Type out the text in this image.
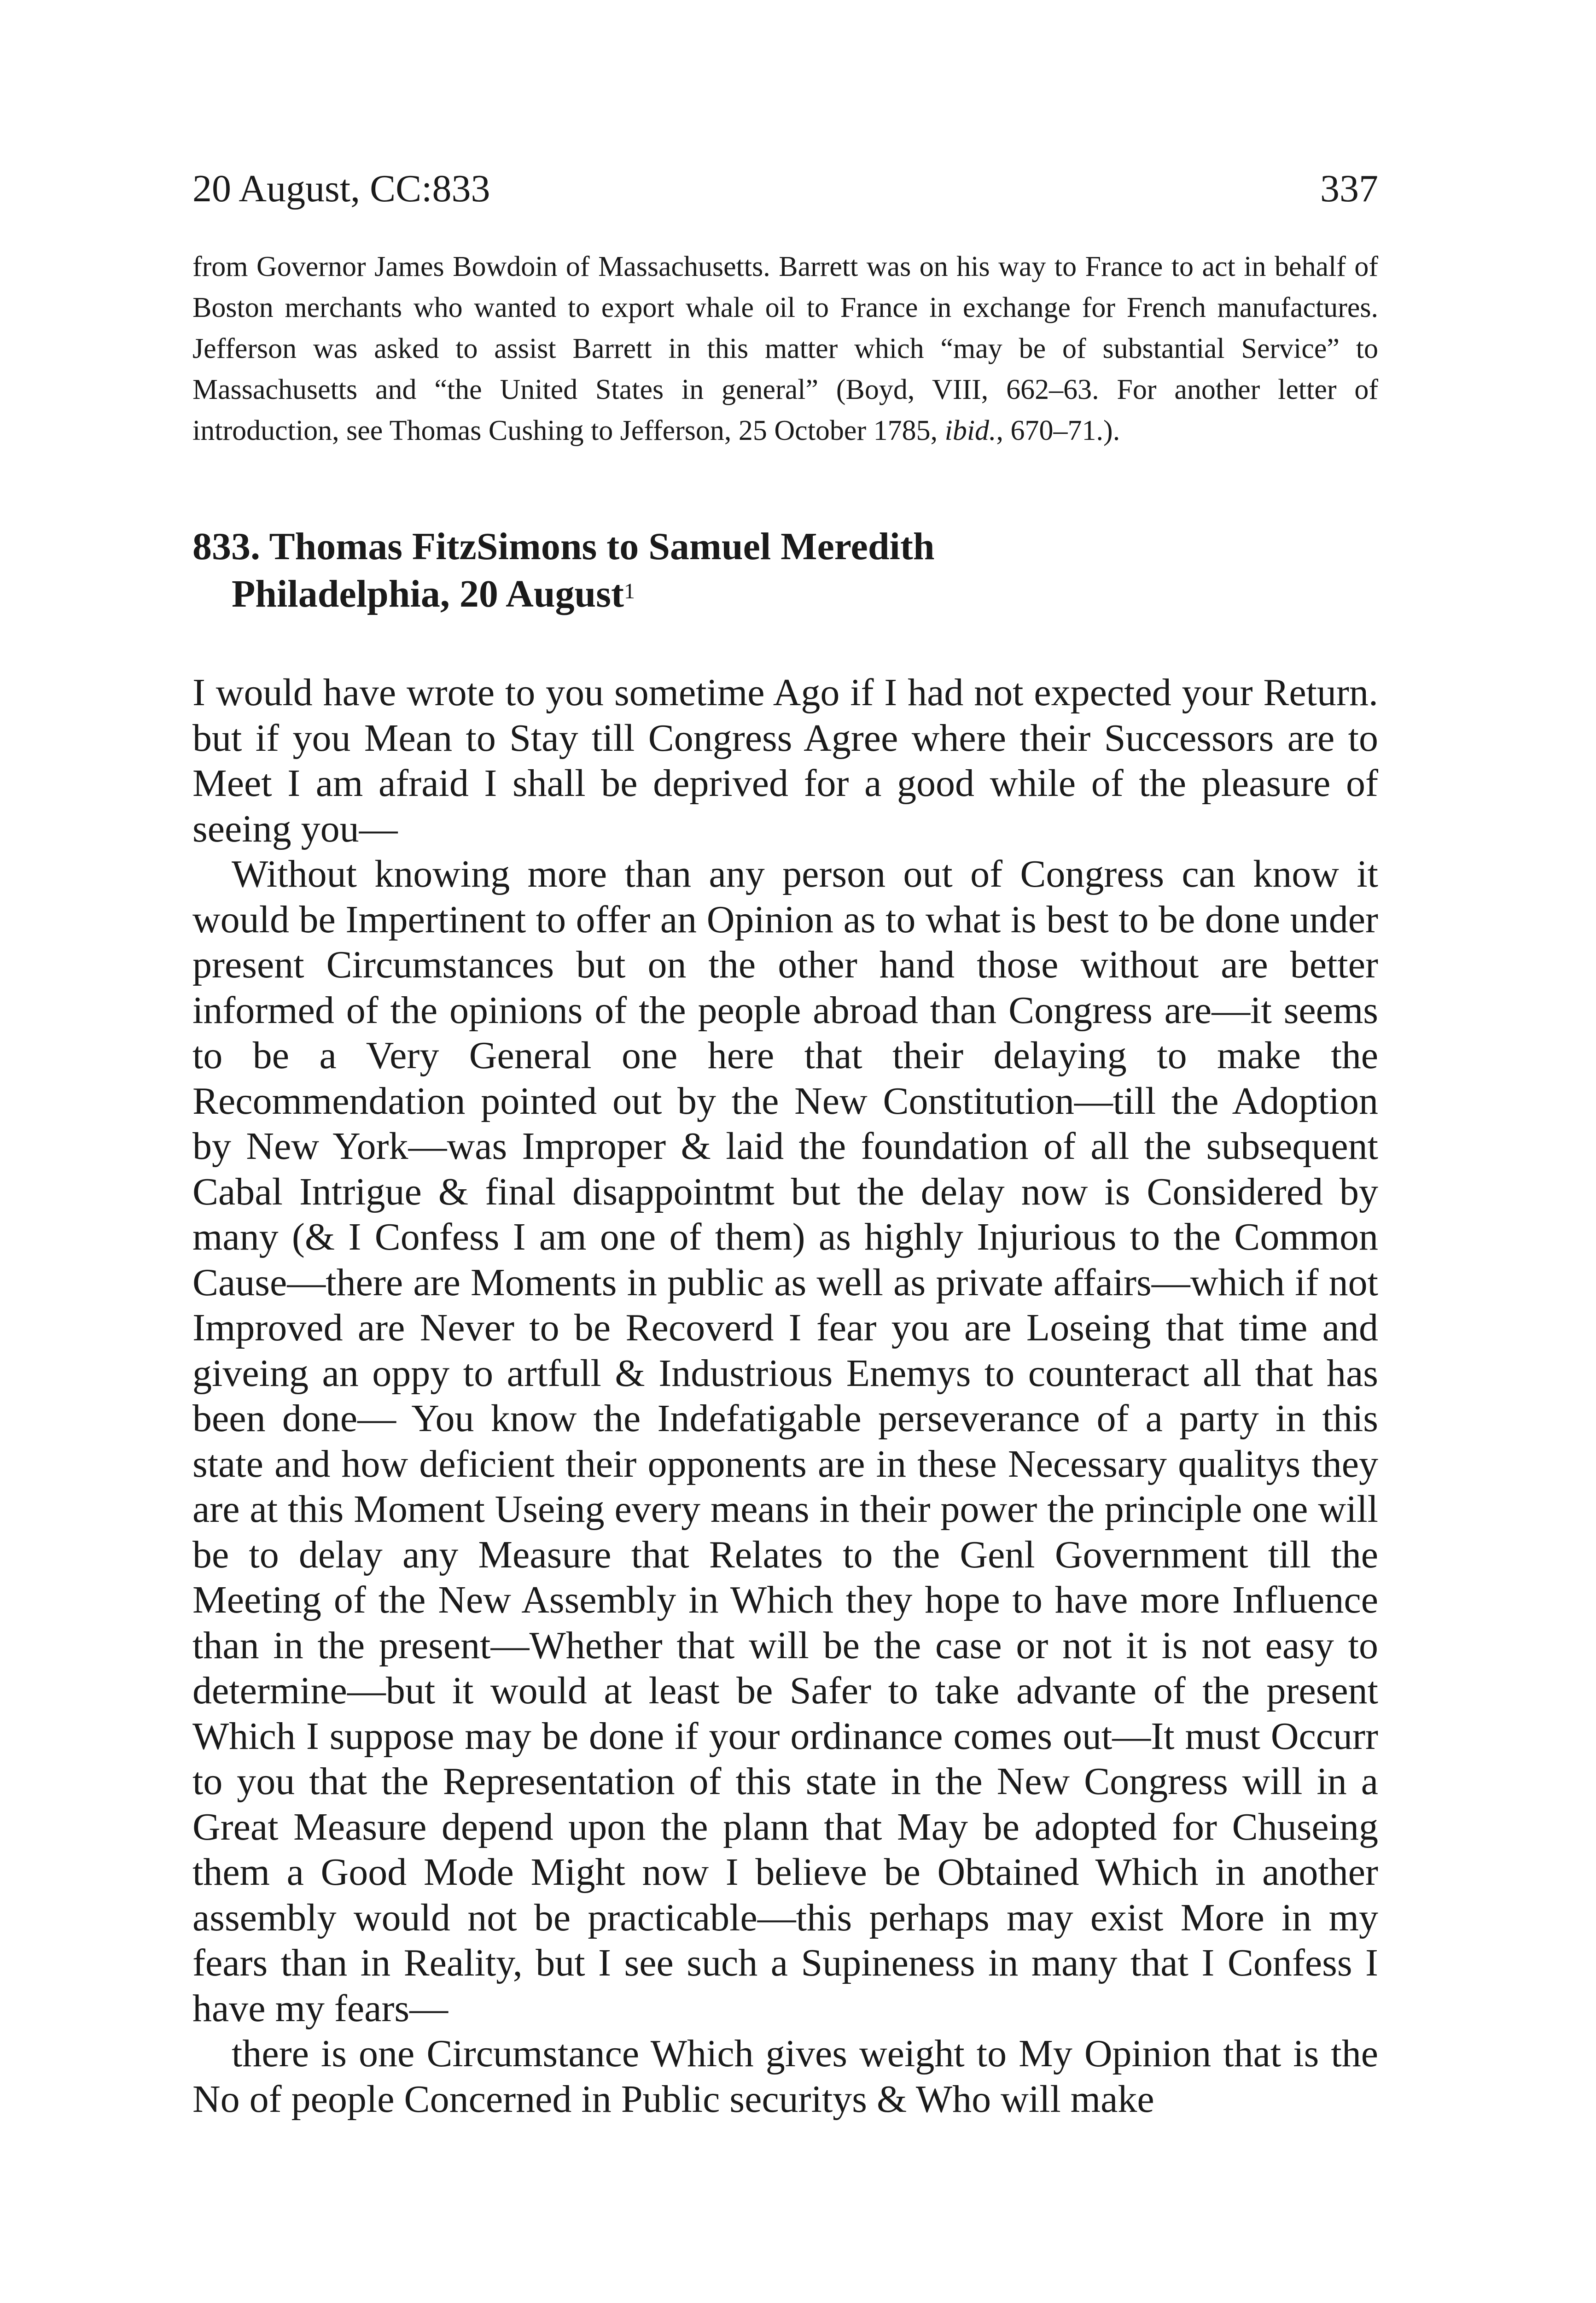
20 August, CC:833	337

from Governor James Bowdoin of Massachusetts. Barrett was on his way to France to act in behalf of Boston merchants who wanted to export whale oil to France in exchange for French manufactures. Jefferson was asked to assist Barrett in this matter which “may be of substantial Service” to Massachusetts and “the United States in general” (Boyd, VIII, 662–63. For another letter of introduction, see Thomas Cushing to Jefferson, 25 October 1785, ibid., 670–71.).

833. Thomas FitzSimons to Samuel Meredith
Philadelphia, 20 August$^1$

I would have wrote to you sometime Ago if I had not expected your Return. but if you Mean to Stay till Congress Agree where their Successors are to Meet I am afraid I shall be deprived for a good while of the pleasure of seeing you—

Without knowing more than any person out of Congress can know it would be Impertinent to offer an Opinion as to what is best to be done under present Circumstances but on the other hand those without are better informed of the opinions of the people abroad than Congress are—it seems to be a Very General one here that their delaying to make the Recommendation pointed out by the New Constitution—till the Adoption by New York—was Improper & laid the foundation of all the subsequent Cabal Intrigue & final disappointmt but the delay now is Considered by many (& I Confess I am one of them) as highly Injurious to the Common Cause—there are Moments in public as well as private affairs—which if not Improved are Never to be Recoverd I fear you are Loseing that time and giveing an oppy to artfull & Industrious Enemys to counteract all that has been done— You know the Indefatigable perseverance of a party in this state and how deficient their opponents are in these Necessary qualitys they are at this Moment Useing every means in their power the principle one will be to delay any Measure that Relates to the Genl Government till the Meeting of the New Assembly in Which they hope to have more Influence than in the present—Whether that will be the case or not it is not easy to determine—but it would at least be Safer to take advante of the present Which I suppose may be done if your ordinance comes out—It must Occurr to you that the Representation of this state in the New Congress will in a Great Measure depend upon the plann that May be adopted for Chuseing them a Good Mode Might now I believe be Obtained Which in another assembly would not be practicable—this perhaps may exist More in my fears than in Reality, but I see such a Supineness in many that I Confess I have my fears—

there is one Circumstance Which gives weight to My Opinion that is the No of people Concerned in Public securitys & Who will make
